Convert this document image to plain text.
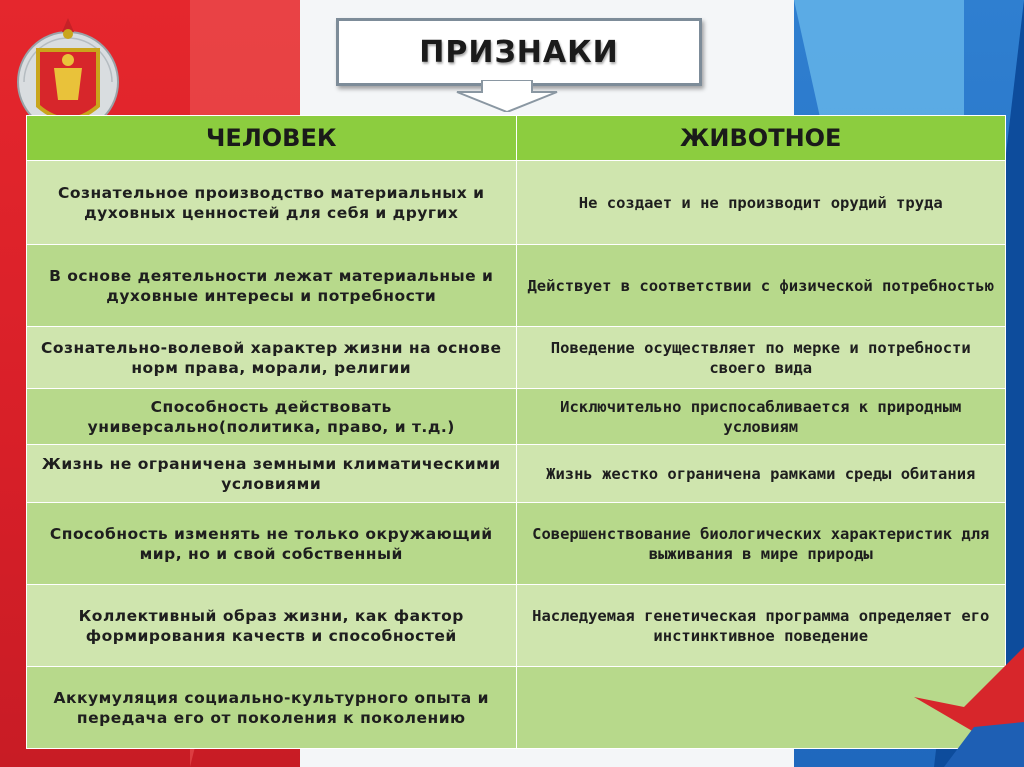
ПРИЗНАКИ
ЧЕЛОВЕК	ЖИВОТНОЕ
Сознательное производство материальных и духовных ценностей для себя и других	Не создает и не производит орудий труда
В основе деятельности лежат материальные и духовные интересы и потребности	Действует в соответствии с физической потребностью
Сознательно-волевой характер жизни на основе норм права, морали, религии	Поведение осуществляет по мерке и потребности своего вида
Способность действовать универсально(политика, право, и т.д.)	Исключительно приспосабливается к природным условиям
Жизнь не ограничена земными климатическими условиями	Жизнь жестко ограничена рамками среды обитания
Способность изменять не только окружающий мир, но и свой собственный	Совершенствование биологических характеристик для выживания в мире природы
Коллективный образ жизни, как фактор формирования качеств и способностей	Наследуемая генетическая программа определяет его инстинктивное поведение
Аккумуляция социально-культурного опыта и передача его от поколения к поколению	
